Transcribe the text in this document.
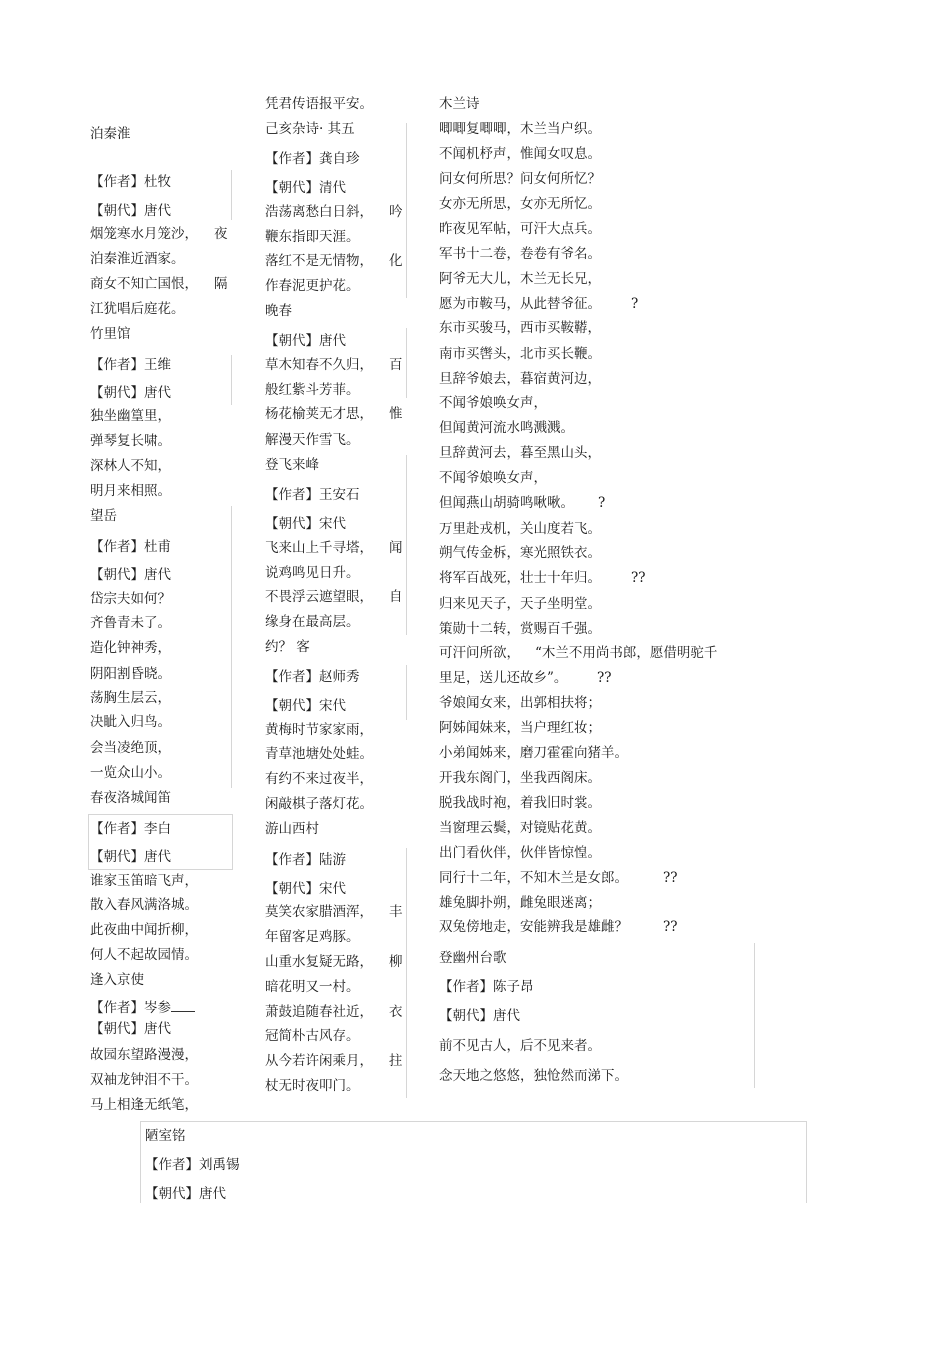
泊秦淮
【作者】杜牧
【朝代】唐代
烟笼寒水月笼沙， 夜
泊秦淮近酒家。
商女不知亡国恨， 隔
江犹唱后庭花。
竹里馆
【作者】王维
【朝代】唐代
独坐幽篁里，
弹琴复长啸。
深林人不知，
明月来相照。
望岳
【作者】杜甫
【朝代】唐代
岱宗夫如何？
齐鲁青未了。
造化钟神秀，
阴阳割昏晓。
荡胸生层云，
决眦入归鸟。
会当凌绝顶，
一览众山小。
春夜洛城闻笛
【作者】李白
【朝代】唐代
谁家玉笛暗飞声，
散入春风满洛城。
此夜曲中闻折柳，
何人不起故园情。
逢入京使
【作者】岑参
【朝代】唐代
故园东望路漫漫，
双袖龙钟泪不干。
马上相逢无纸笔，
凭君传语报平安。
己亥杂诗· 其五
【作者】龚自珍
【朝代】清代
浩荡离愁白日斜， 吟
鞭东指即天涯。
落红不是无情物， 化
作春泥更护花。
晚春
【朝代】唐代
草木知春不久归， 百
般红紫斗芳菲。
杨花榆荚无才思， 惟
解漫天作雪飞。
登飞来峰
【作者】王安石
【朝代】宋代
飞来山上千寻塔， 闻
说鸡鸣见日升。
不畏浮云遮望眼， 自
缘身在最高层。
约？ 客
【作者】赵师秀
【朝代】宋代
黄梅时节家家雨，
青草池塘处处蛙。
有约不来过夜半，
闲敲棋子落灯花。
游山西村
【作者】陆游
【朝代】宋代
莫笑农家腊酒浑， 丰
年留客足鸡豚。
山重水复疑无路， 柳
暗花明又一村。
萧鼓追随春社近， 衣
冠简朴古风存。
从今若许闲乘月， 拄
杖无时夜叩门。
木兰诗
唧唧复唧唧，木兰当户织。
不闻机杼声，惟闻女叹息。
问女何所思？问女何所忆？
女亦无所思，女亦无所忆。
昨夜见军帖，可汗大点兵。
军书十二卷，卷卷有爷名。
阿爷无大儿，木兰无长兄，
愿为市鞍马，从此替爷征。 ?
东市买骏马，西市买鞍鞯，
南市买辔头，北市买长鞭。
旦辞爷娘去，暮宿黄河边，
不闻爷娘唤女声，
但闻黄河流水鸣溅溅。
旦辞黄河去，暮至黑山头，
不闻爷娘唤女声，
但闻燕山胡骑鸣啾啾。 ?
万里赴戎机，关山度若飞。
朔气传金柝，寒光照铁衣。
将军百战死，壮士十年归。 ??
归来见天子，天子坐明堂。
策勋十二转，赏赐百千强。
可汗问所欲， “木兰不用尚书郎，愿借明驼千
里足，送儿还故乡”。 ??
爷娘闻女来，出郭相扶将；
阿姊闻妹来，当户理红妆；
小弟闻姊来，磨刀霍霍向猪羊。
开我东阁门，坐我西阁床。
脱我战时袍，着我旧时裳。
当窗理云鬓，对镜贴花黄。
出门看伙伴，伙伴皆惊惶。
同行十二年，不知木兰是女郎。	??
雄兔脚扑朔，雌兔眼迷离；
双兔傍地走，安能辨我是雄雌？	??
登幽州台歌
【作者】陈子昂
【朝代】唐代
前不见古人，后不见来者。
念天地之悠悠，独怆然而涕下。
陋室铭
【作者】刘禹锡
【朝代】唐代
